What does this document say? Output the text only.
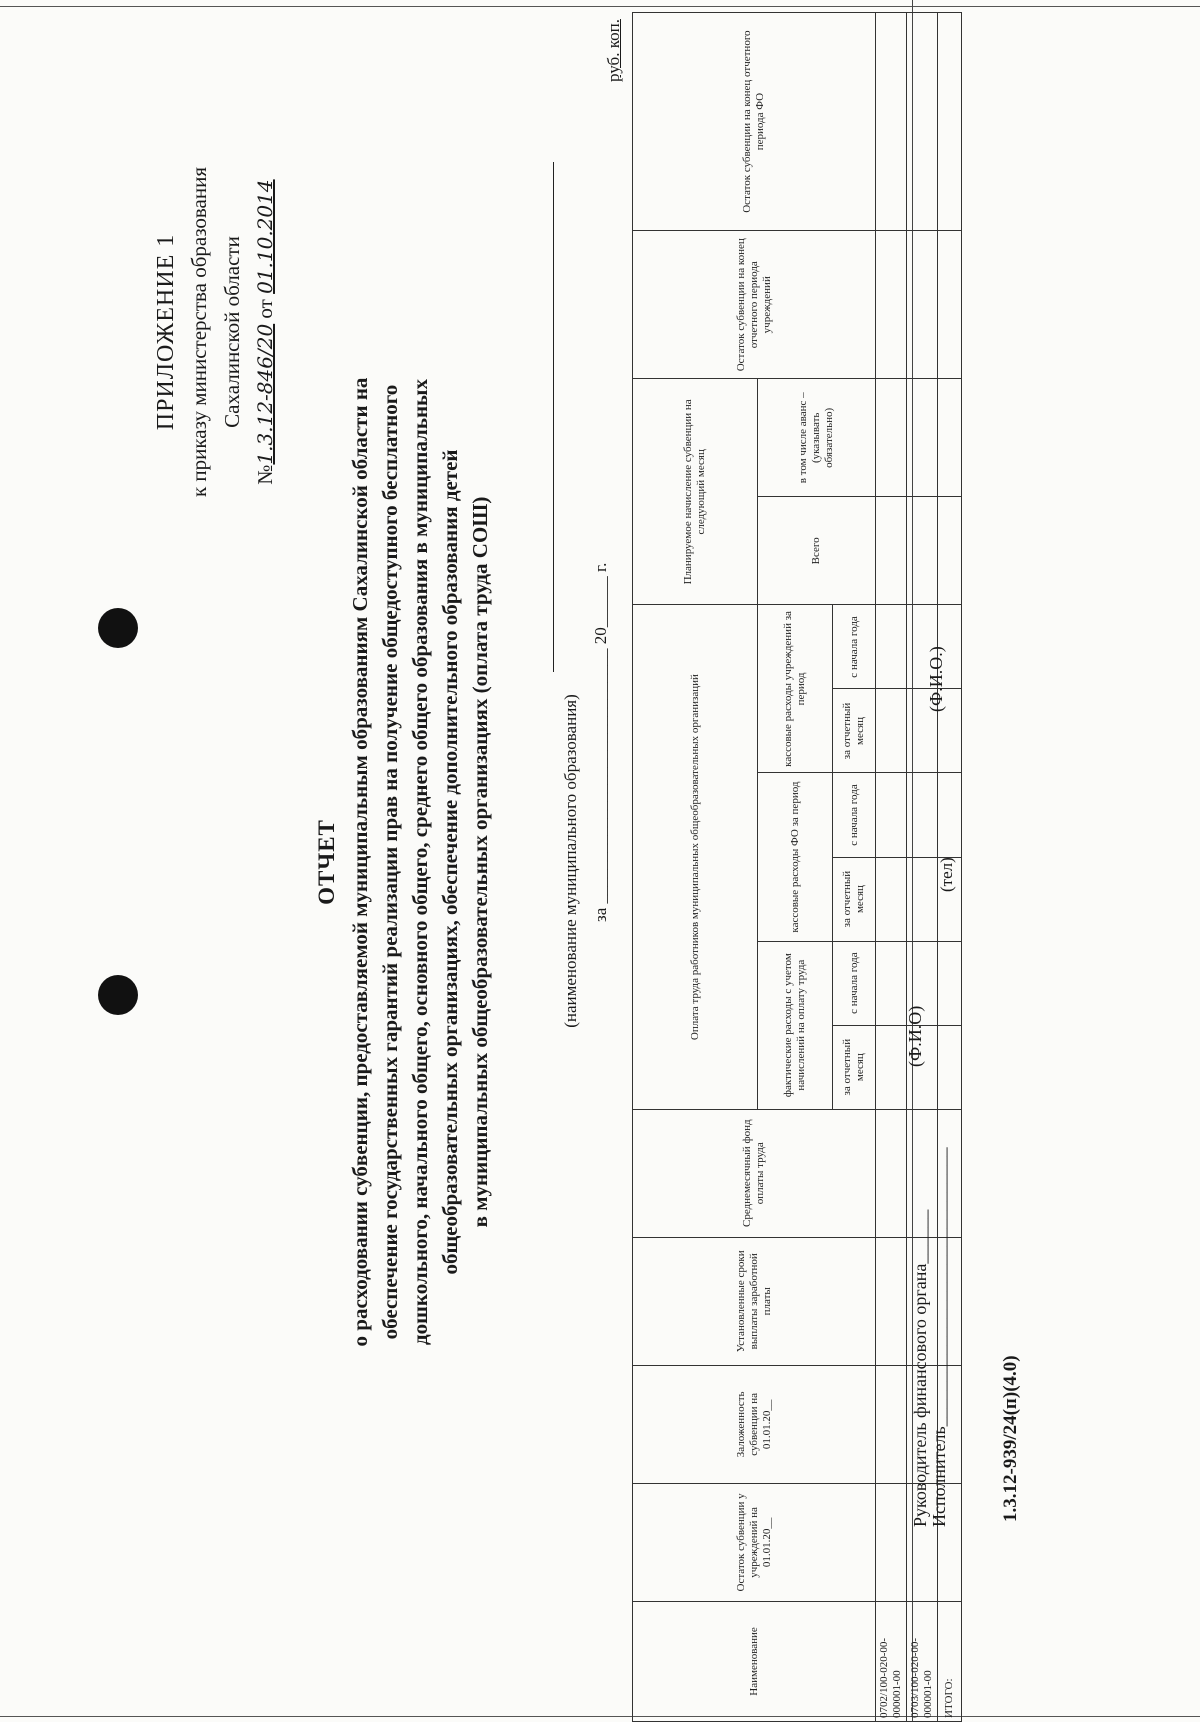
ПРИЛОЖЕНИЕ 1 к приказу министерства образования Сахалинской области
№1.3.12-846/20 от 01.10.2014
ОТЧЕТ о расходовании субвенции, предоставляемой муниципальным образованиям Сахалинской области на обеспечение государственных гарантий реализации прав на получение общедоступного бесплатного дошкольного, начального общего, основного общего, среднего общего образования в муниципальных общеобразовательных организациях, обеспечение дополнительного образования детей в муниципальных общеобразовательных организациях (оплата труда СОШ)	(наименование муниципального образования) за ______________________________ 20______ г.
руб. коп.
Наименование	Остаток субвенции у учреждений на 01.01.20__	Заложенность субвенции на 01.01.20__	Установленные сроки выплаты заработной платы	Среднемесячный фонд оплаты труда	Оплата труда работников муниципальных общеобразовательных организаций						Планируемое начисление субвенции на следующий месяц		Остаток субвенции на конец отчетного периода учреждений	Остаток субвенции на конец отчетного периода ФО
					фактические расходы с учетом начислений на оплату труда		кассовые расходы ФО за период		кассовые расходы учреждений за период		Всего	в том числе аванс – (указывать обязательно)		
					за отчетный месяц	с начала года	за отчетный месяц	с начала года	за отчетный месяц	с начала года				
0702/100-020-00-000001-00														
0703/100-020-00-000001-00														
ИТОГО:														
Руководитель финансового органа______
(Ф.И.О)
Исполнитель_______________________________
(Ф.И.О.)
(тел)
1.3.12-939/24(п)(4.0)
